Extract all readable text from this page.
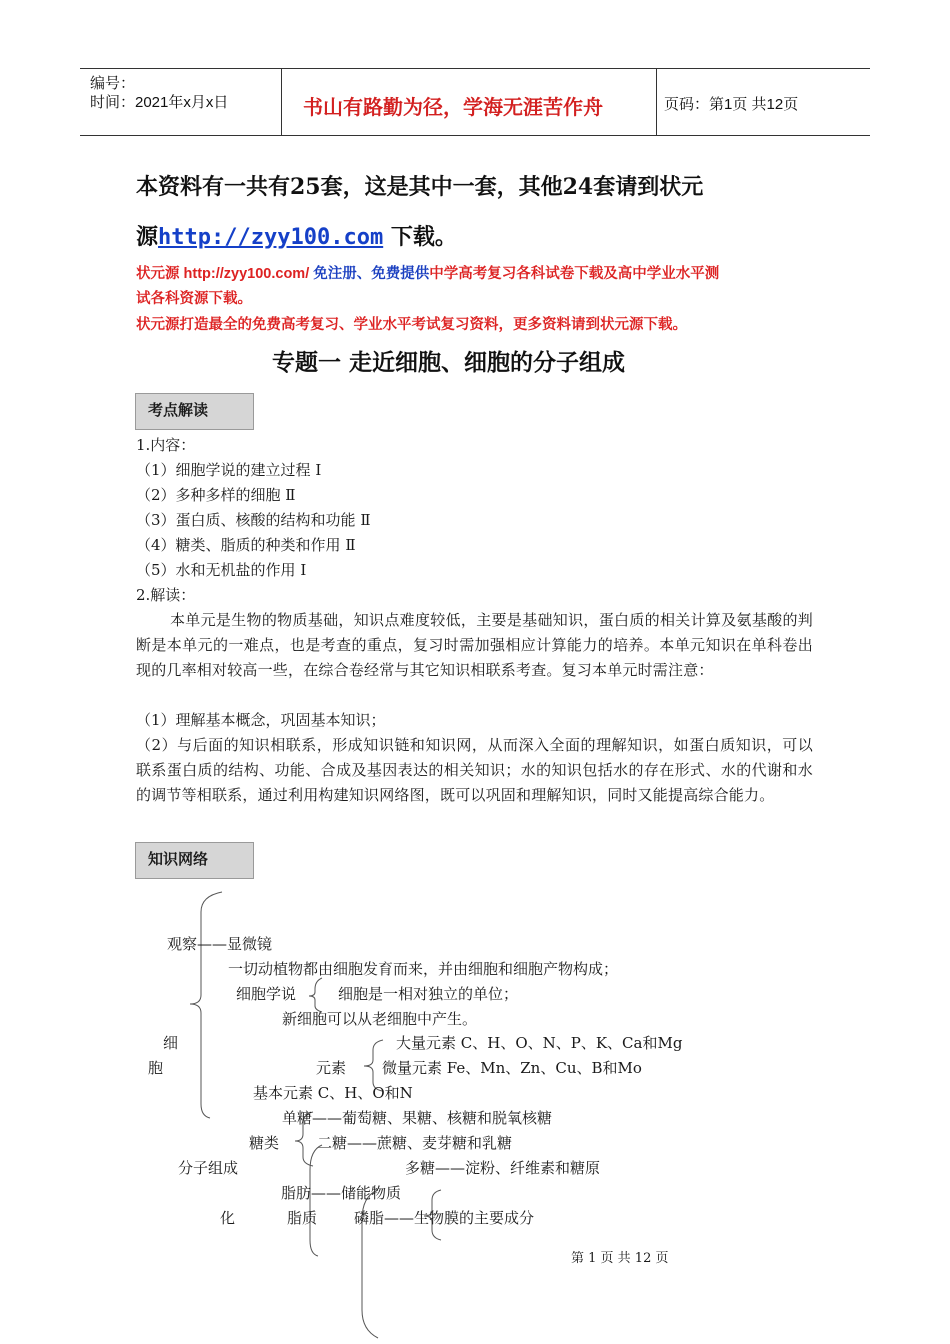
编号：
时间：2021年x月x日	书山有路勤为径，学海无涯苦作舟	页码：第1页 共12页
本资料有一共有25套，这是其中一套，其他24套请到状元
源http://zyy100.com 下载。
状元源 http://zyy100.com/ 免注册、免费提供中学高考复习各科试卷下载及高中学业水平测
试各科资源下载。
状元源打造最全的免费高考复习、学业水平考试复习资料，更多资料请到状元源下载。
专题一 走近细胞、细胞的分子组成
考点解读
1.内容：
（1）细胞学说的建立过程 Ⅰ
（2）多种多样的细胞 Ⅱ
（3）蛋白质、核酸的结构和功能 Ⅱ
（4）糖类、脂质的种类和作用 Ⅱ
（5）水和无机盐的作用 Ⅰ
2.解读：
本单元是生物的物质基础，知识点难度较低，主要是基础知识，蛋白质的相关计算及氨基酸的判断是本单元的一难点，也是考查的重点，复习时需加强相应计算能力的培养。本单元知识在单科卷出现的几率相对较高一些，在综合卷经常与其它知识相联系考查。复习本单元时需注意：
（1）理解基本概念，巩固基本知识；
（2）与后面的知识相联系，形成知识链和知识网，从而深入全面的理解知识，如蛋白质知识，可以联系蛋白质的结构、功能、合成及基因表达的相关知识；水的知识包括水的存在形式、水的代谢和水的调节等相联系，通过利用构建知识网络图，既可以巩固和理解知识，同时又能提高综合能力。
知识网络
观察——显微镜
一切动植物都由细胞发育而来，并由细胞和细胞产物构成；
细胞学说	细胞是一相对独立的单位；
新细胞可以从老细胞中产生。
细
胞
大量元素 C、H、O、N、P、K、Ca和Mg
元素 微量元素 Fe、Mn、Zn、Cu、B和Mo
基本元素 C、H、O和N
单糖——葡萄糖、果糖、核糖和脱氧核糖
糖类	二糖——蔗糖、麦芽糖和乳糖
分子组成	多糖——淀粉、纤维素和糖原
脂肪——储能物质
化	脂质 磷脂——生物膜的主要成分
第 1 页 共 12 页
